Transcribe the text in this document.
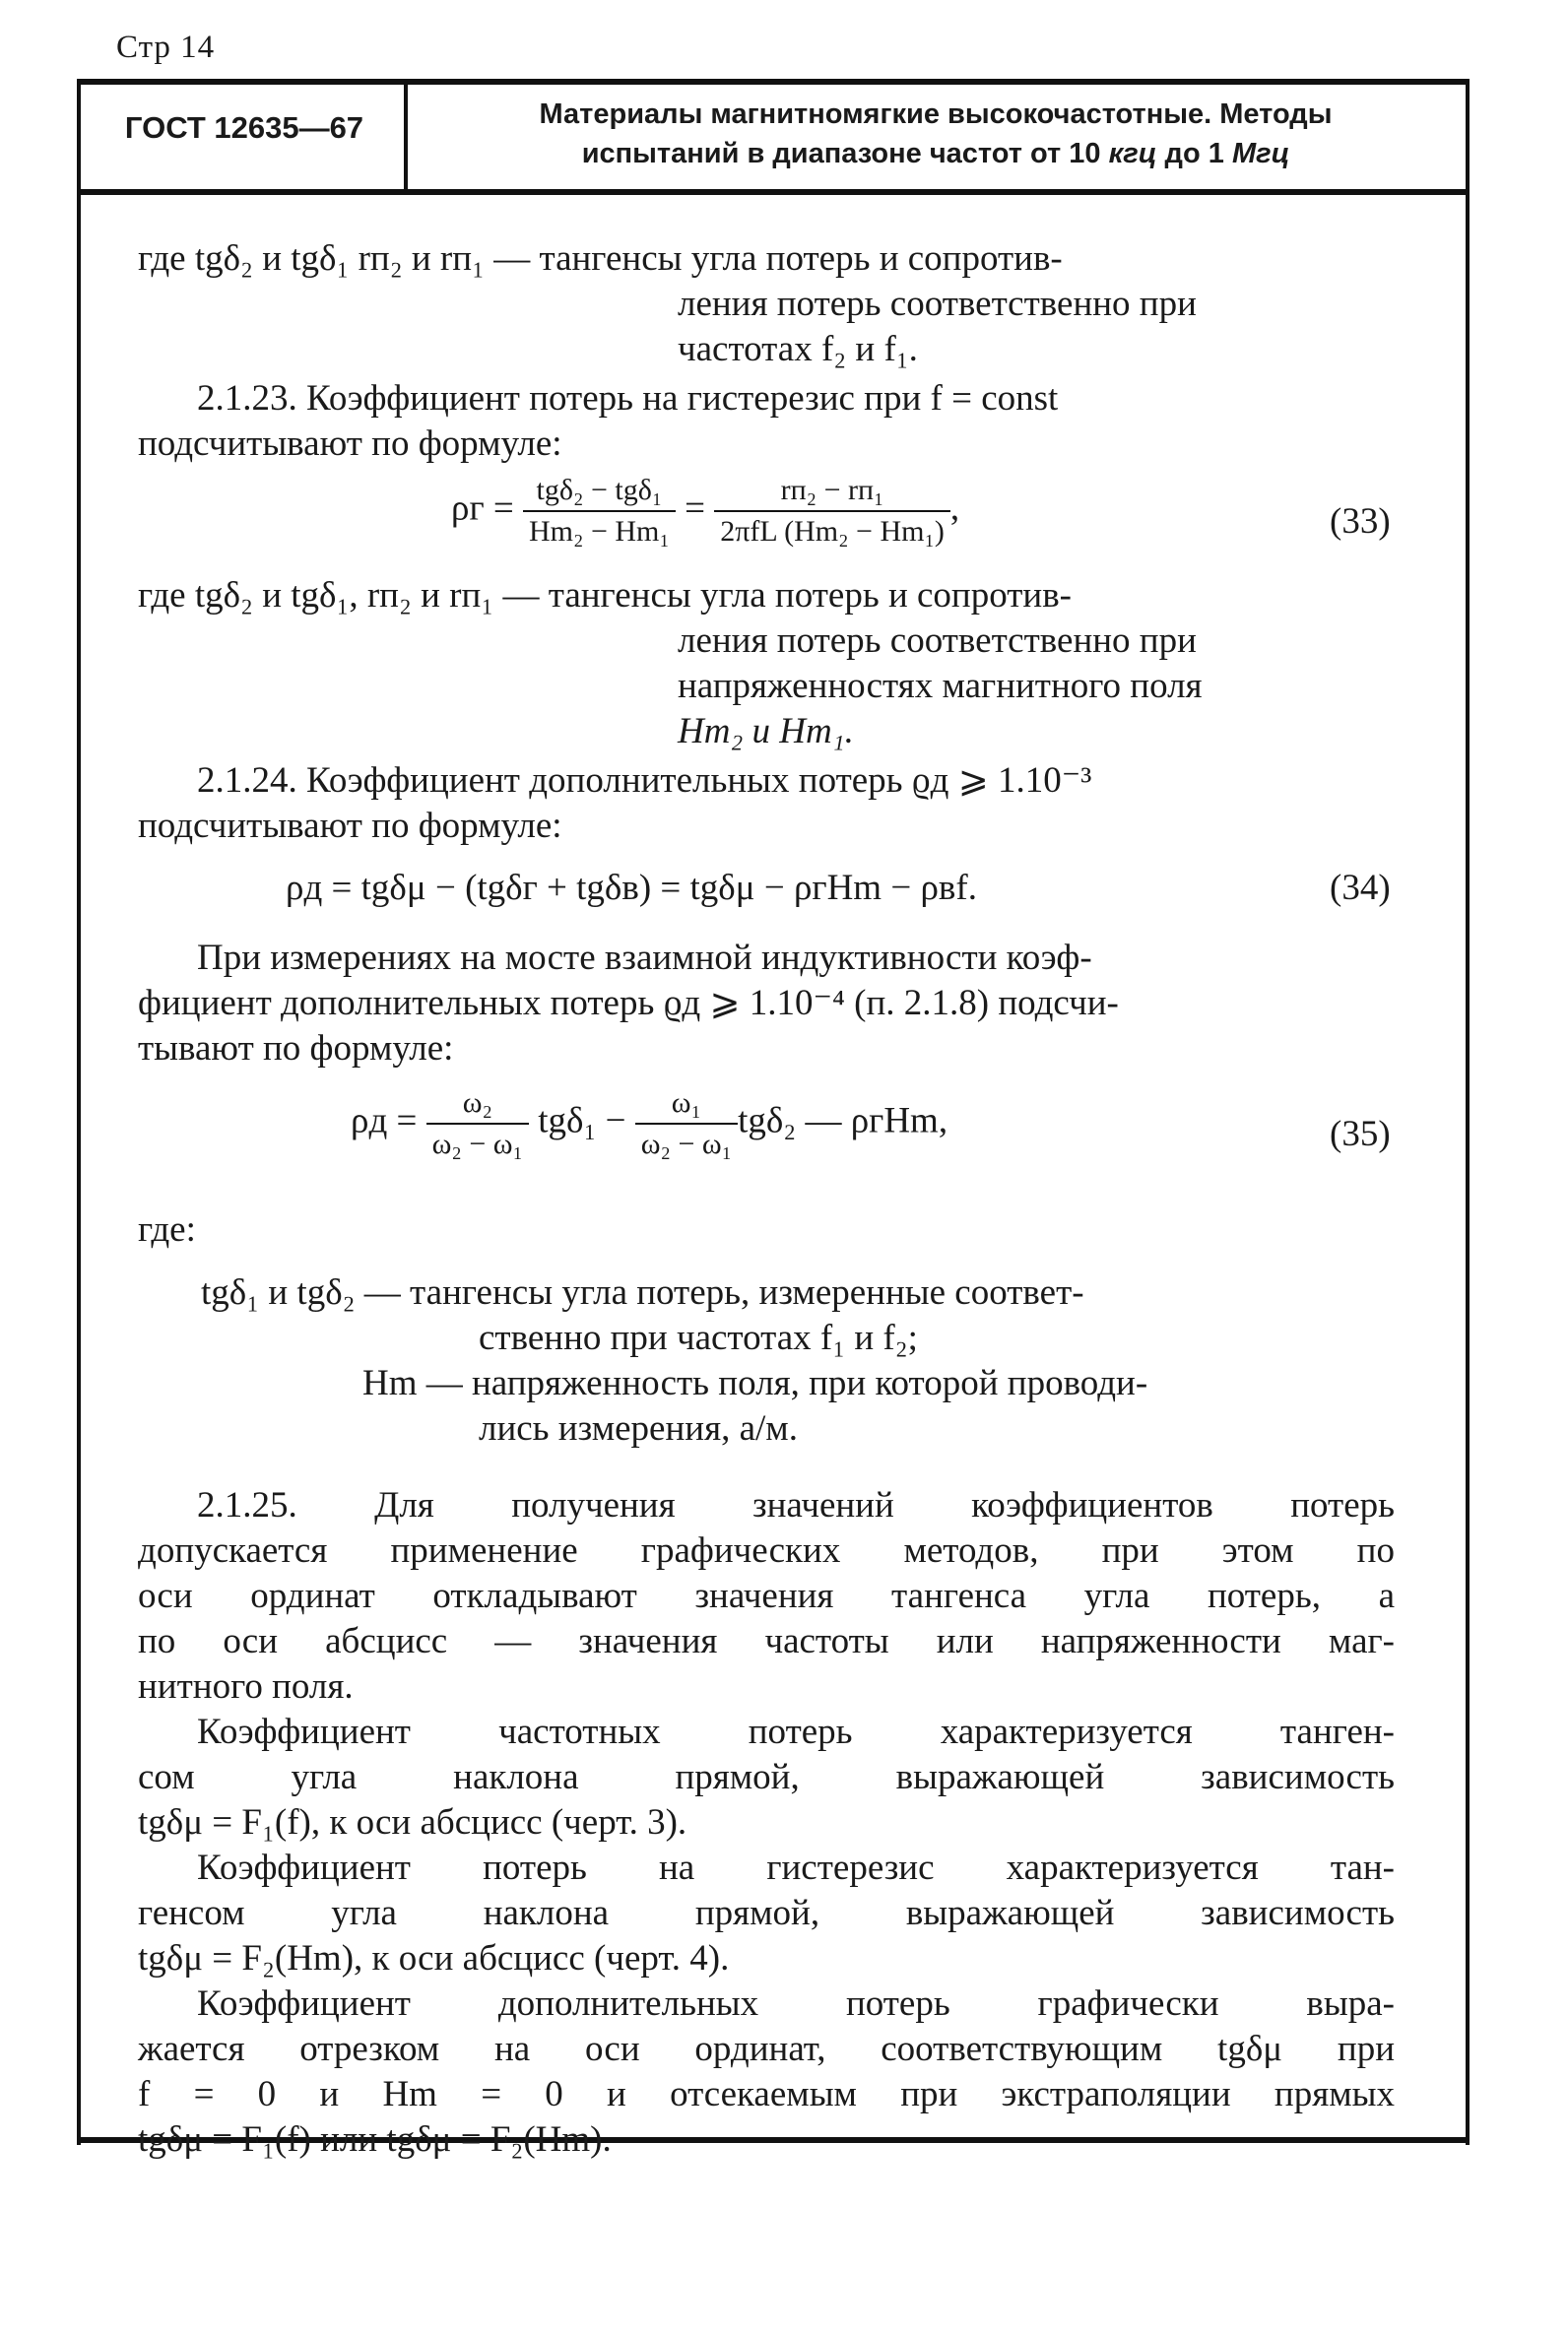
Стр 14
ГОСТ 12635—67	Материалы магнитномягкие высокочастотные. Методы
испытаний в диапазоне частот от 10 кгц до 1 Мгц
где tgδ₂ и tgδ₁ rп₂ и rп₁ — тангенсы угла потерь и сопротив-
ления потерь соответственно при
частотах f₂ и f₁.
2.1.23. Коэффициент потерь на гистерезис при f = const
подсчитывают по формуле:
$\rho г = \frac{\text{tgδ₂ − tgδ₁}}{\text{Hm₂ − Hm₁}} = \frac{\text{rп₂ − rп₁}}{\text{2πfL (Hm₂ − Hm₁)}}$ ,	(33)
где tgδ₂ и tgδ₁, rп₂ и rп₁ — тангенсы угла потерь и сопротив-
ления потерь соответственно при
напряженностях магнитного поля
Hm₂ и Hm₁.
2.1.24. Коэффициент дополнительных потерь ϱд ⩾ 1.10⁻³
подсчитывают по формуле:
ρд = tgδμ − (tgδг + tgδв) = tgδμ − ρгHm − ρвf.	(34)
При измерениях на мосте взаимной индуктивности коэф-
фициент дополнительных потерь ϱд ⩾ 1.10⁻⁴ (п. 2.1.8) подсчи-
тывают по формуле:
$\rho д = \frac{\text{ω₂}}{\text{ω₂ − ω₁}} tg\delta_1 - \frac{\text{ω₁}}{\text{ω₂ − ω₁}} tg\delta_2$ — ρгHm,	(35)
где:
tgδ₁ и tgδ₂ — тангенсы угла потерь, измеренные соответ-
ственно при частотах f₁ и f₂;
Hm — напряженность поля, при которой проводи-
лись измерения, а/м.
2.1.25. Для получения значений коэффициентов потерь
допускается применение графических методов, при этом по
оси ординат откладывают значения тангенса угла потерь, а
по оси абсцисс — значения частоты или напряженности маг-
нитного поля.
Коэффициент частотных потерь характеризуется танген-
сом угла наклона прямой, выражающей зависимость
tgδμ = F₁(f), к оси абсцисс (черт. 3).
Коэффициент потерь на гистерезис характеризуется тан-
генсом угла наклона прямой, выражающей зависимость
tgδμ = F₂(Hm), к оси абсцисс (черт. 4).
Коэффициент дополнительных потерь графически выра-
жается отрезком на оси ординат, соответствующим tgδμ при
f = 0 и Hm = 0 и отсекаемым при экстраполяции прямых
tgδμ = F₁(f) или tgδμ = F₂(Hm).
